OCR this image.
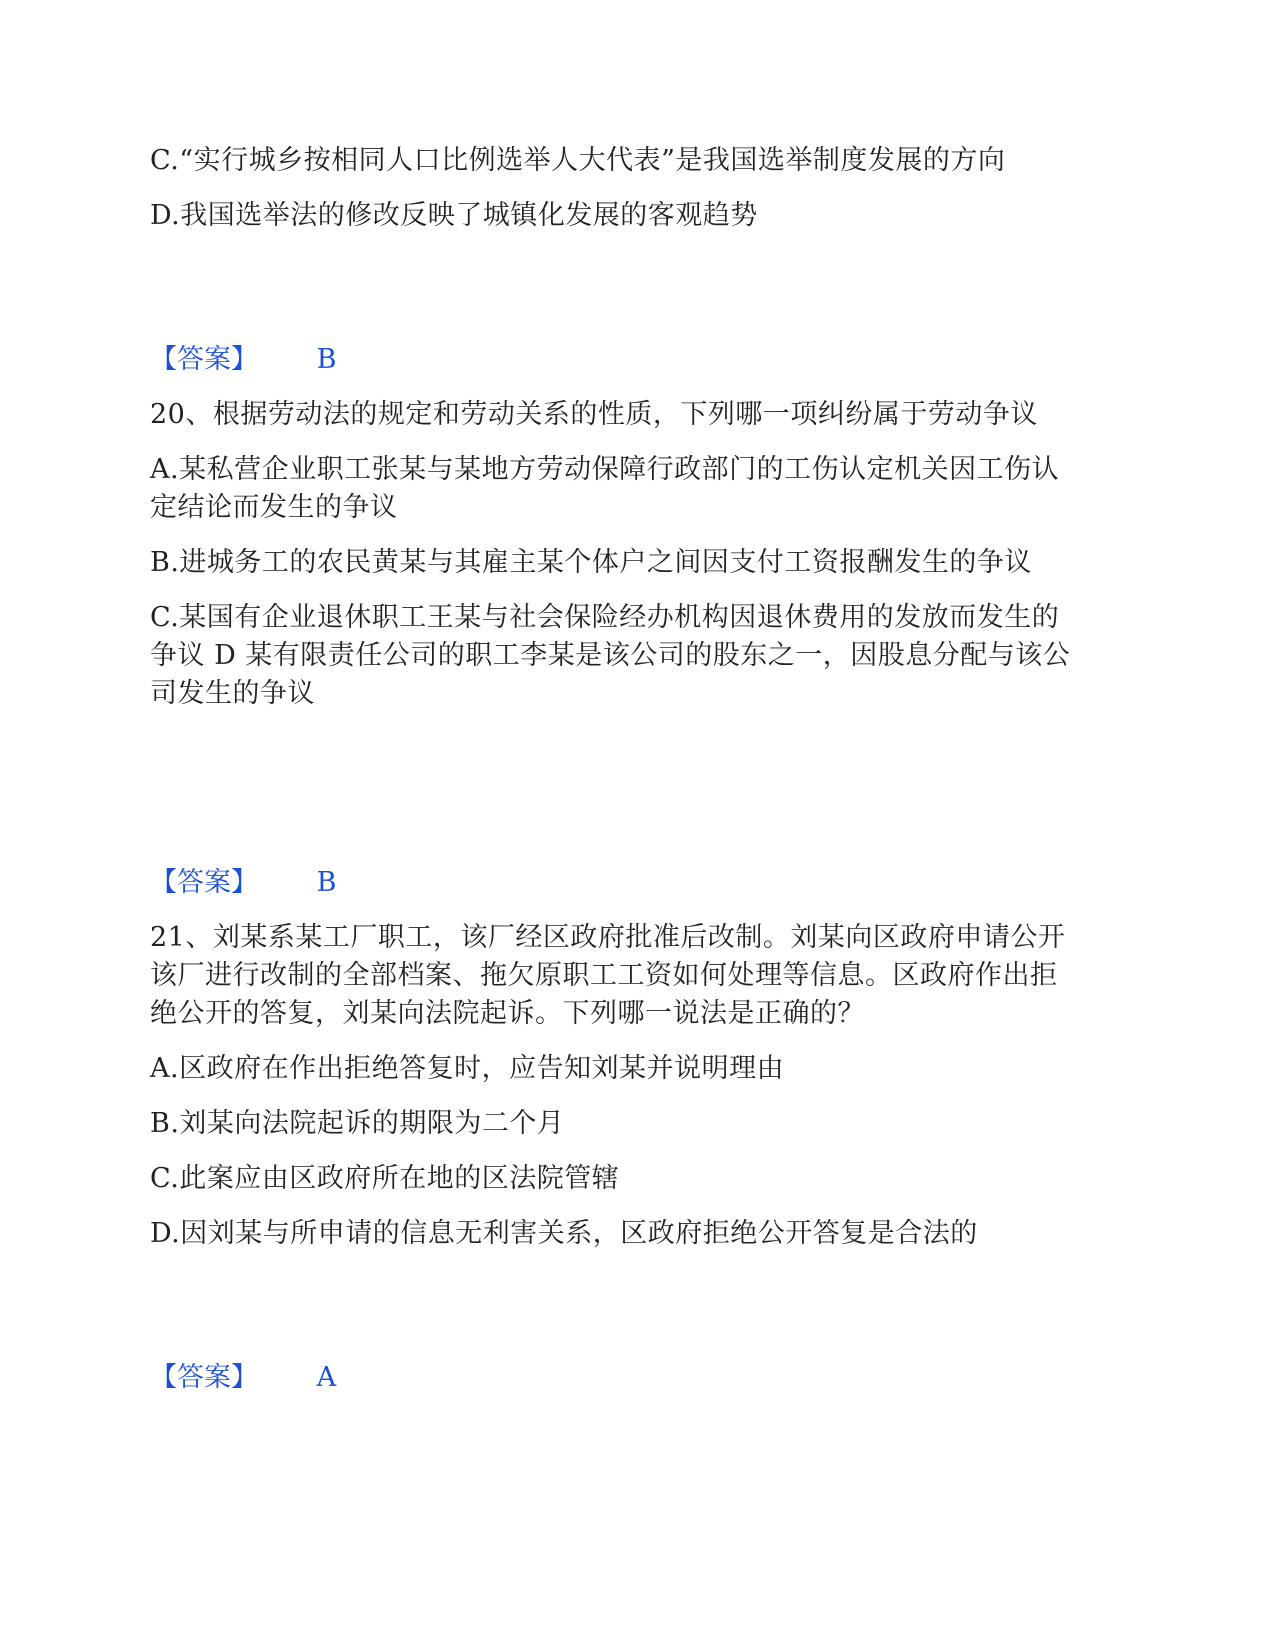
C.“实行城乡按相同人口比例选举人大代表”是我国选举制度发展的方向
D.我国选举法的修改反映了城镇化发展的客观趋势
【答案】 B
20、根据劳动法的规定和劳动关系的性质，下列哪一项纠纷属于劳动争议
A.某私营企业职工张某与某地方劳动保障行政部门的工伤认定机关因工伤认
定结论而发生的争议
B.进城务工的农民黄某与其雇主某个体户之间因支付工资报酬发生的争议
C.某国有企业退休职工王某与社会保险经办机构因退休费用的发放而发生的
争议 D 某有限责任公司的职工李某是该公司的股东之一，因股息分配与该公
司发生的争议
【答案】 B
21、刘某系某工厂职工，该厂经区政府批准后改制。刘某向区政府申请公开
该厂进行改制的全部档案、拖欠原职工工资如何处理等信息。区政府作出拒
绝公开的答复，刘某向法院起诉。下列哪一说法是正确的？
A.区政府在作出拒绝答复时，应告知刘某并说明理由
B.刘某向法院起诉的期限为二个月
C.此案应由区政府所在地的区法院管辖
D.因刘某与所申请的信息无利害关系，区政府拒绝公开答复是合法的
【答案】 A
